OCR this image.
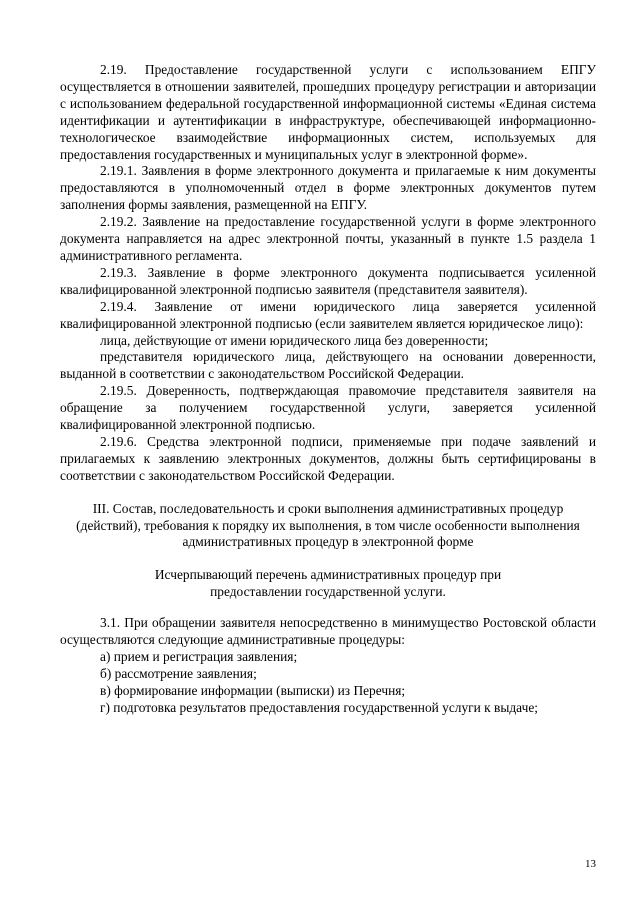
2.19. Предоставление государственной услуги с использованием ЕПГУ осуществляется в отношении заявителей, прошедших процедуру регистрации и авторизации с использованием федеральной государственной информационной системы «Единая система идентификации и аутентификации в инфраструктуре, обеспечивающей информационно-технологическое взаимодействие информационных систем, используемых для предоставления государственных и муниципальных услуг в электронной форме».

2.19.1. Заявления в форме электронного документа и прилагаемые к ним документы предоставляются в уполномоченный отдел в форме электронных документов путем заполнения формы заявления, размещенной на ЕПГУ.

2.19.2. Заявление на предоставление государственной услуги в форме электронного документа направляется на адрес электронной почты, указанный в пункте 1.5 раздела 1 административного регламента.

2.19.3. Заявление в форме электронного документа подписывается усиленной квалифицированной электронной подписью заявителя (представителя заявителя).

2.19.4. Заявление от имени юридического лица заверяется усиленной квалифицированной электронной подписью (если заявителем является юридическое лицо):

лица, действующие от имени юридического лица без доверенности;

представителя юридического лица, действующего на основании доверенности, выданной в соответствии с законодательством Российской Федерации.

2.19.5. Доверенность, подтверждающая правомочие представителя заявителя на обращение за получением государственной услуги, заверяется усиленной квалифицированной электронной подписью.

2.19.6. Средства электронной подписи, применяемые при подаче заявлений и прилагаемых к заявлению электронных документов, должны быть сертифицированы в соответствии с законодательством Российской Федерации.

III. Состав, последовательность и сроки выполнения административных процедур (действий), требования к порядку их выполнения, в том числе особенности выполнения административных процедур в электронной форме

Исчерпывающий перечень административных процедур при предоставлении государственной услуги.

3.1. При обращении заявителя непосредственно в минимущество Ростовской области осуществляются следующие административные процедуры:

а) прием и регистрация заявления;

б) рассмотрение заявления;

в) формирование информации (выписки) из Перечня;

г) подготовка результатов предоставления государственной услуги к выдаче;

13
